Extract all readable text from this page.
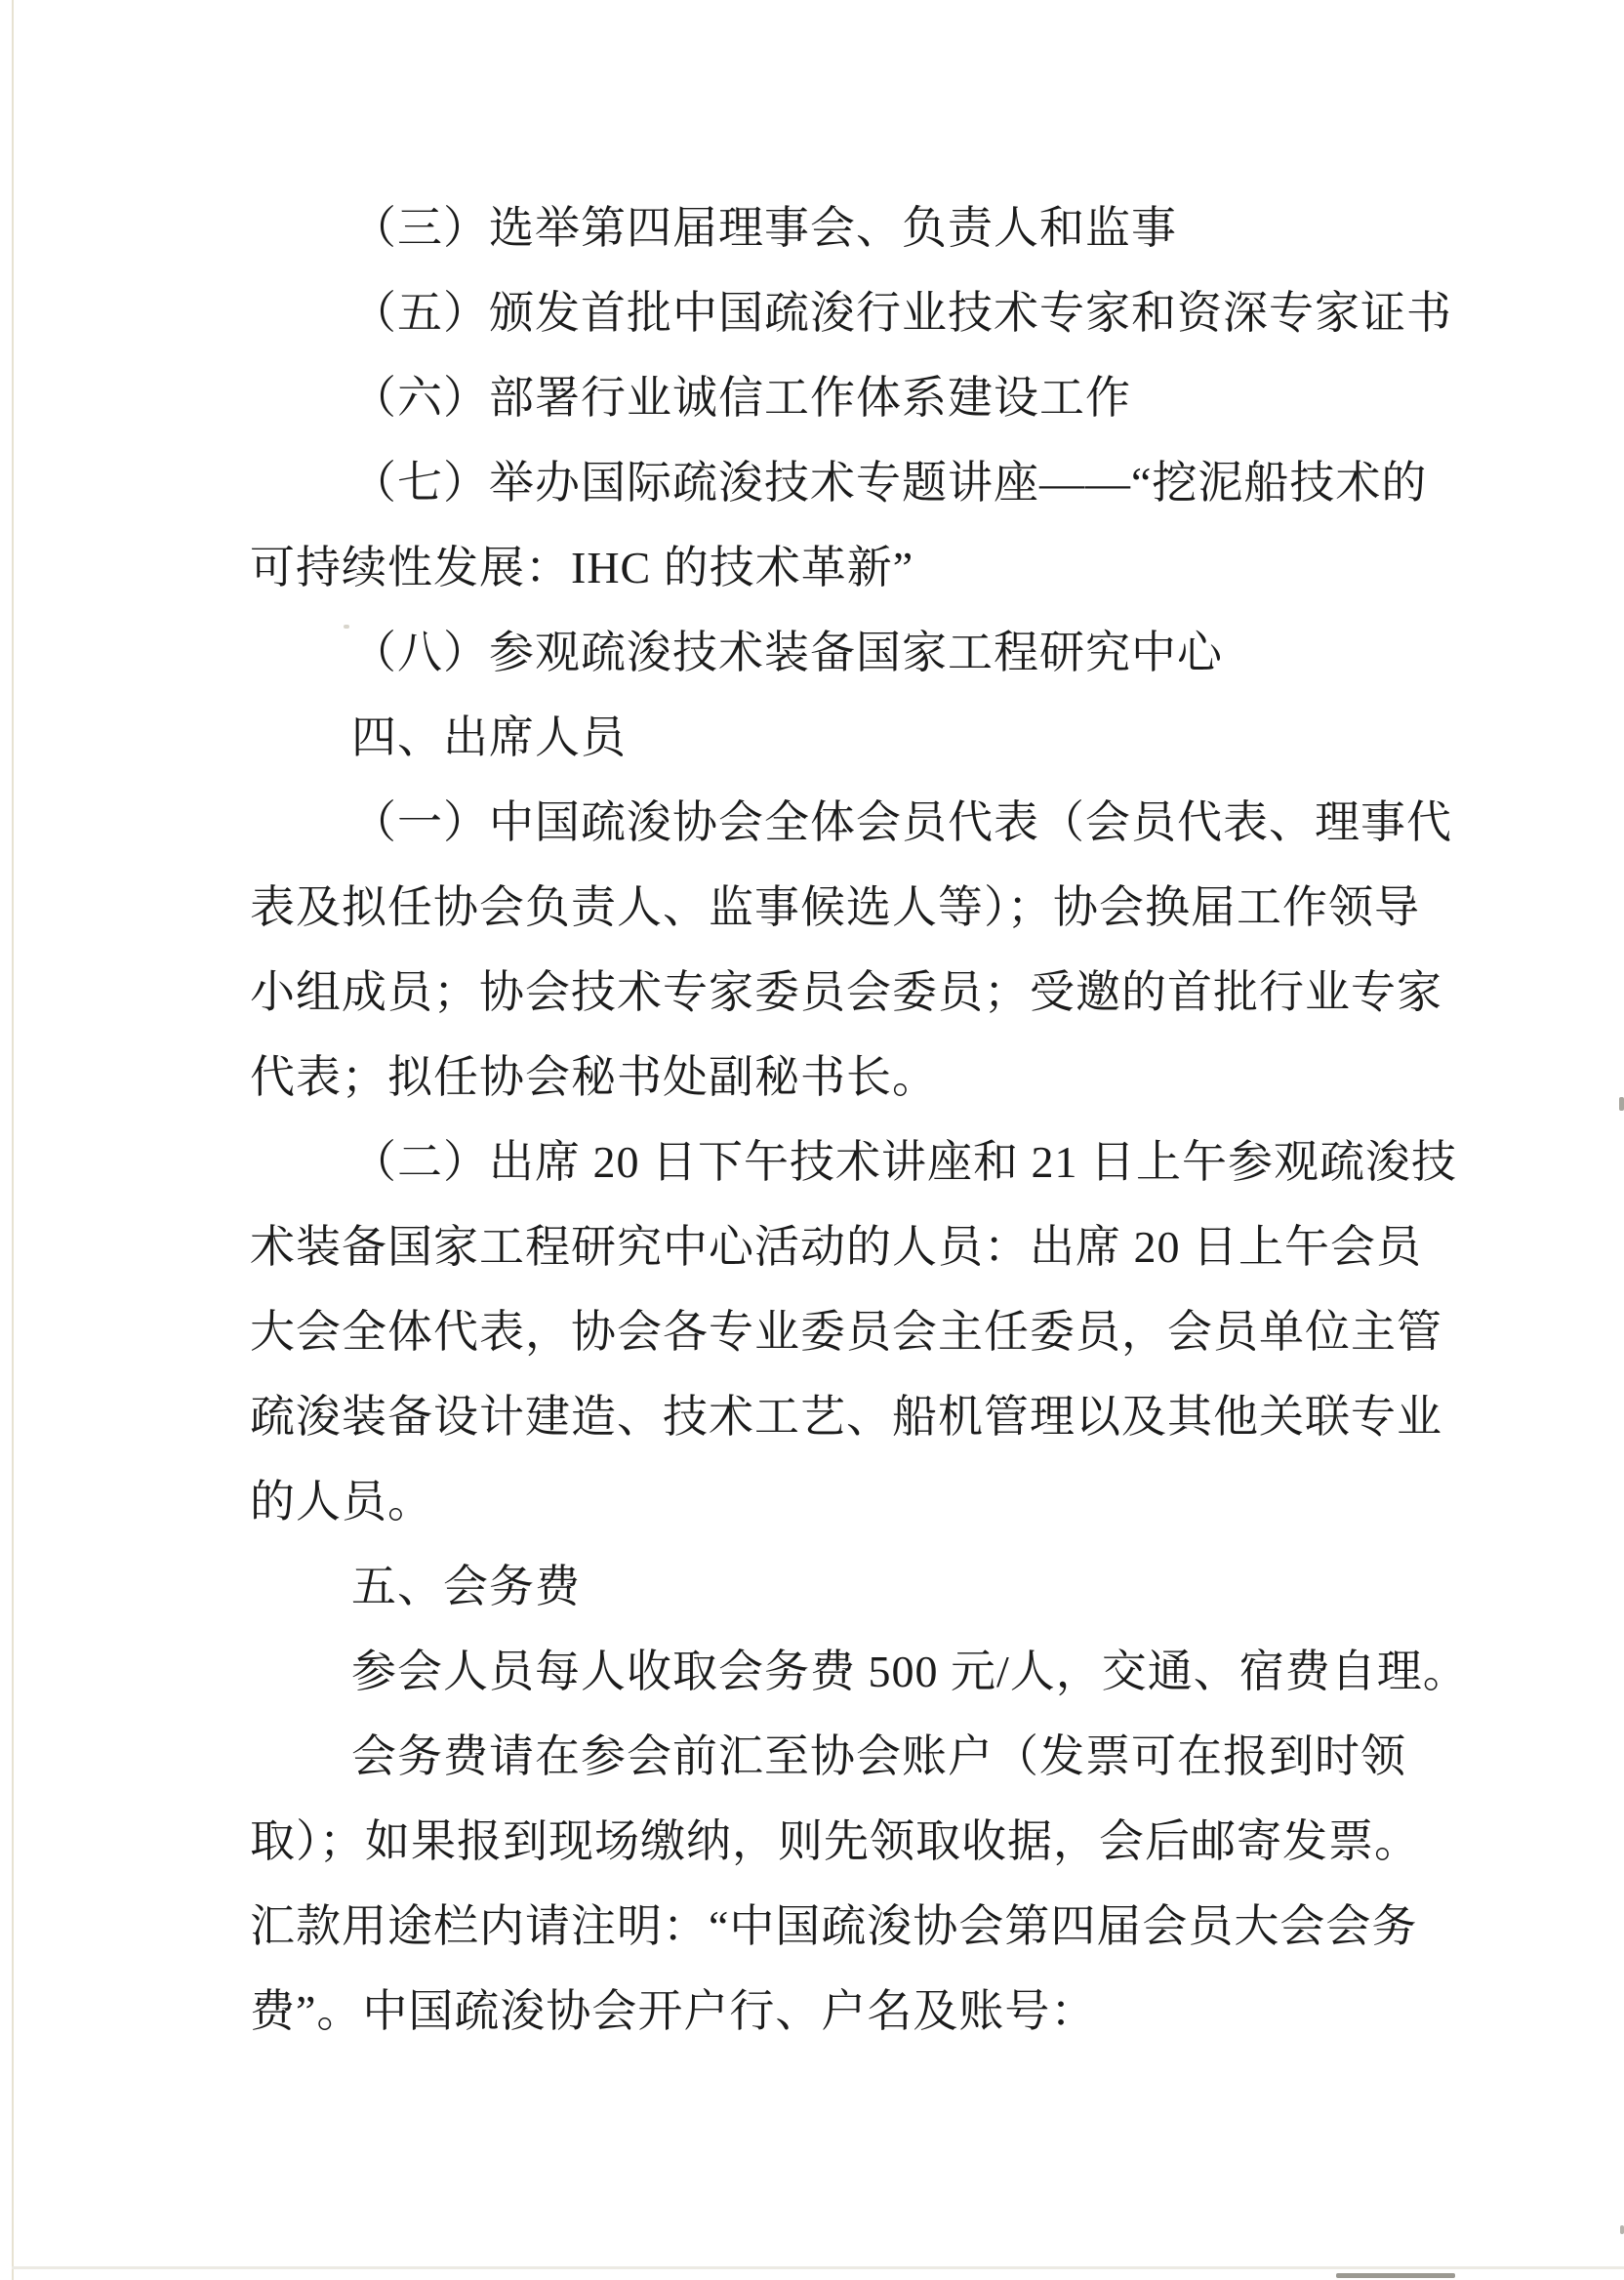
（三）选举第四届理事会、负责人和监事
（五）颁发首批中国疏浚行业技术专家和资深专家证书
（六）部署行业诚信工作体系建设工作
（七）举办国际疏浚技术专题讲座——“挖泥船技术的
可持续性发展：IHC 的技术革新”
（八）参观疏浚技术装备国家工程研究中心
四、出席人员
（一）中国疏浚协会全体会员代表（会员代表、理事代
表及拟任协会负责人、监事候选人等）；协会换届工作领导
小组成员；协会技术专家委员会委员；受邀的首批行业专家
代表；拟任协会秘书处副秘书长。
（二）出席 20 日下午技术讲座和 21 日上午参观疏浚技
术装备国家工程研究中心活动的人员：出席 20 日上午会员
大会全体代表，协会各专业委员会主任委员，会员单位主管
疏浚装备设计建造、技术工艺、船机管理以及其他关联专业
的人员。
五、会务费
参会人员每人收取会务费 500 元/人，交通、宿费自理。
会务费请在参会前汇至协会账户（发票可在报到时领
取）；如果报到现场缴纳，则先领取收据，会后邮寄发票。
汇款用途栏内请注明：“中国疏浚协会第四届会员大会会务
费”。中国疏浚协会开户行、户名及账号：
